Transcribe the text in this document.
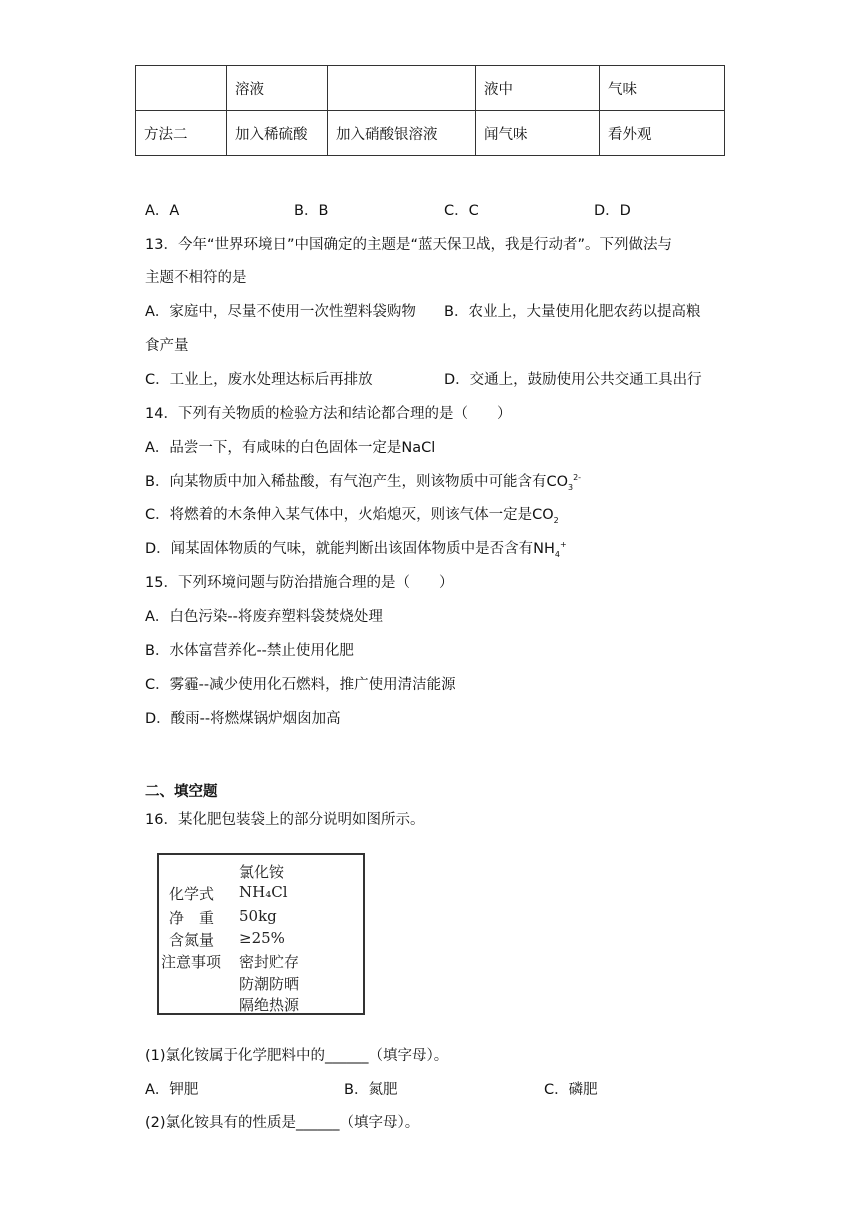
	溶液		液中	气味
方法二	加入稀硫酸	加入硝酸银溶液	闻气味	看外观
A．A	B．B	C．C	D．D
13．今年“世界环境日”中国确定的主题是“蓝天保卫战，我是行动者”。下列做法与
主题不相符的是
A．家庭中，尽量不使用一次性塑料袋购物 B．农业上，大量使用化肥农药以提高粮
食产量
C．工业上，废水处理达标后再排放	D．交通上，鼓励使用公共交通工具出行
14．下列有关物质的检验方法和结论都合理的是（　　）
A．品尝一下，有咸味的白色固体一定是NaCl
B．向某物质中加入稀盐酸，有气泡产生，则该物质中可能含有$CO_3^{2-}$
C．将燃着的木条伸入某气体中，火焰熄灭，则该气体一定是$CO_2$
D．闻某固体物质的气味，就能判断出该固体物质中是否含有$NH_4^+$
15．下列环境问题与防治措施合理的是（　　）
A．白色污染--将废弃塑料袋焚烧处理
B．水体富营养化--禁止使用化肥
C．雾霾--减少使用化石燃料，推广使用清洁能源
D．酸雨--将燃煤锅炉烟囱加高
二、填空题
16．某化肥包装袋上的部分说明如图所示。
氯化铵
化学式 NH₄Cl
净　重 50kg
含氮量 ≥25%
注意事项 密封贮存
防潮防晒
隔绝热源
(1)氯化铵属于化学肥料中的______（填字母）。
A．钾肥	B．氮肥	C．磷肥
(2)氯化铵具有的性质是______（填字母）。
